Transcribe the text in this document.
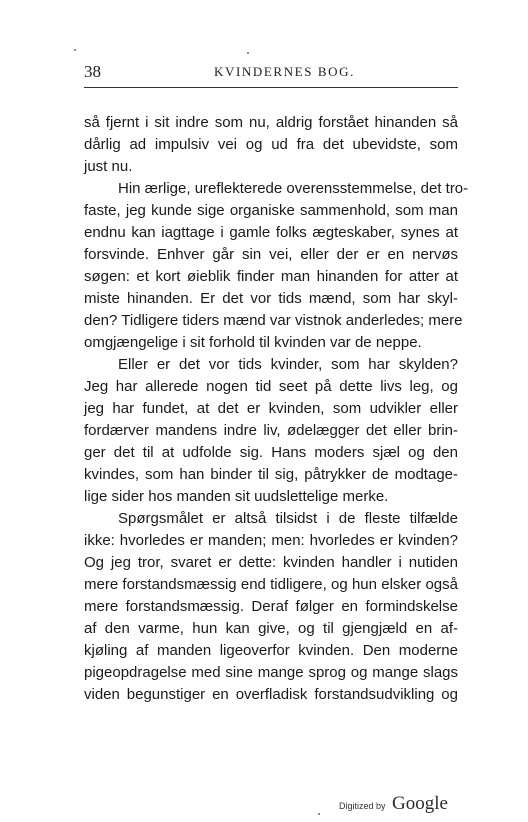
38	KVINDERNES BOG.
så fjernt i sit indre som nu, aldrig forstået hinanden så
dårlig ad impulsiv vei og ud fra det ubevidste, som
just nu.
Hin ærlige, ureflekterede overensstemmelse, det tro-
faste, jeg kunde sige organiske sammenhold, som man
endnu kan iagttage i gamle folks ægteskaber, synes at
forsvinde. Enhver går sin vei, eller der er en nervøs
søgen: et kort øieblik finder man hinanden for atter at
miste hinanden. Er det vor tids mænd, som har skyl-
den? Tidligere tiders mænd var vistnok anderledes; mere
omgjængelige i sit forhold til kvinden var de neppe.
Eller er det vor tids kvinder, som har skylden?
Jeg har allerede nogen tid seet på dette livs leg, og
jeg har fundet, at det er kvinden, som udvikler eller
fordærver mandens indre liv, ødelægger det eller brin-
ger det til at udfolde sig. Hans moders sjæl og den
kvindes, som han binder til sig, påtrykker de modtage-
lige sider hos manden sit uudslettelige merke.
Spørgsmålet er altså tilsidst i de fleste tilfælde
ikke: hvorledes er manden; men: hvorledes er kvinden?
Og jeg tror, svaret er dette: kvinden handler i nutiden
mere forstandsmæssig end tidligere, og hun elsker også
mere forstandsmæssig. Deraf følger en formindskelse
af den varme, hun kan give, og til gjengjæld en af-
kjøling af manden ligeoverfor kvinden. Den moderne
pigeopdragelse med sine mange sprog og mange slags
viden begunstiger en overfladisk forstandsudvikling og
Digitized by Google
